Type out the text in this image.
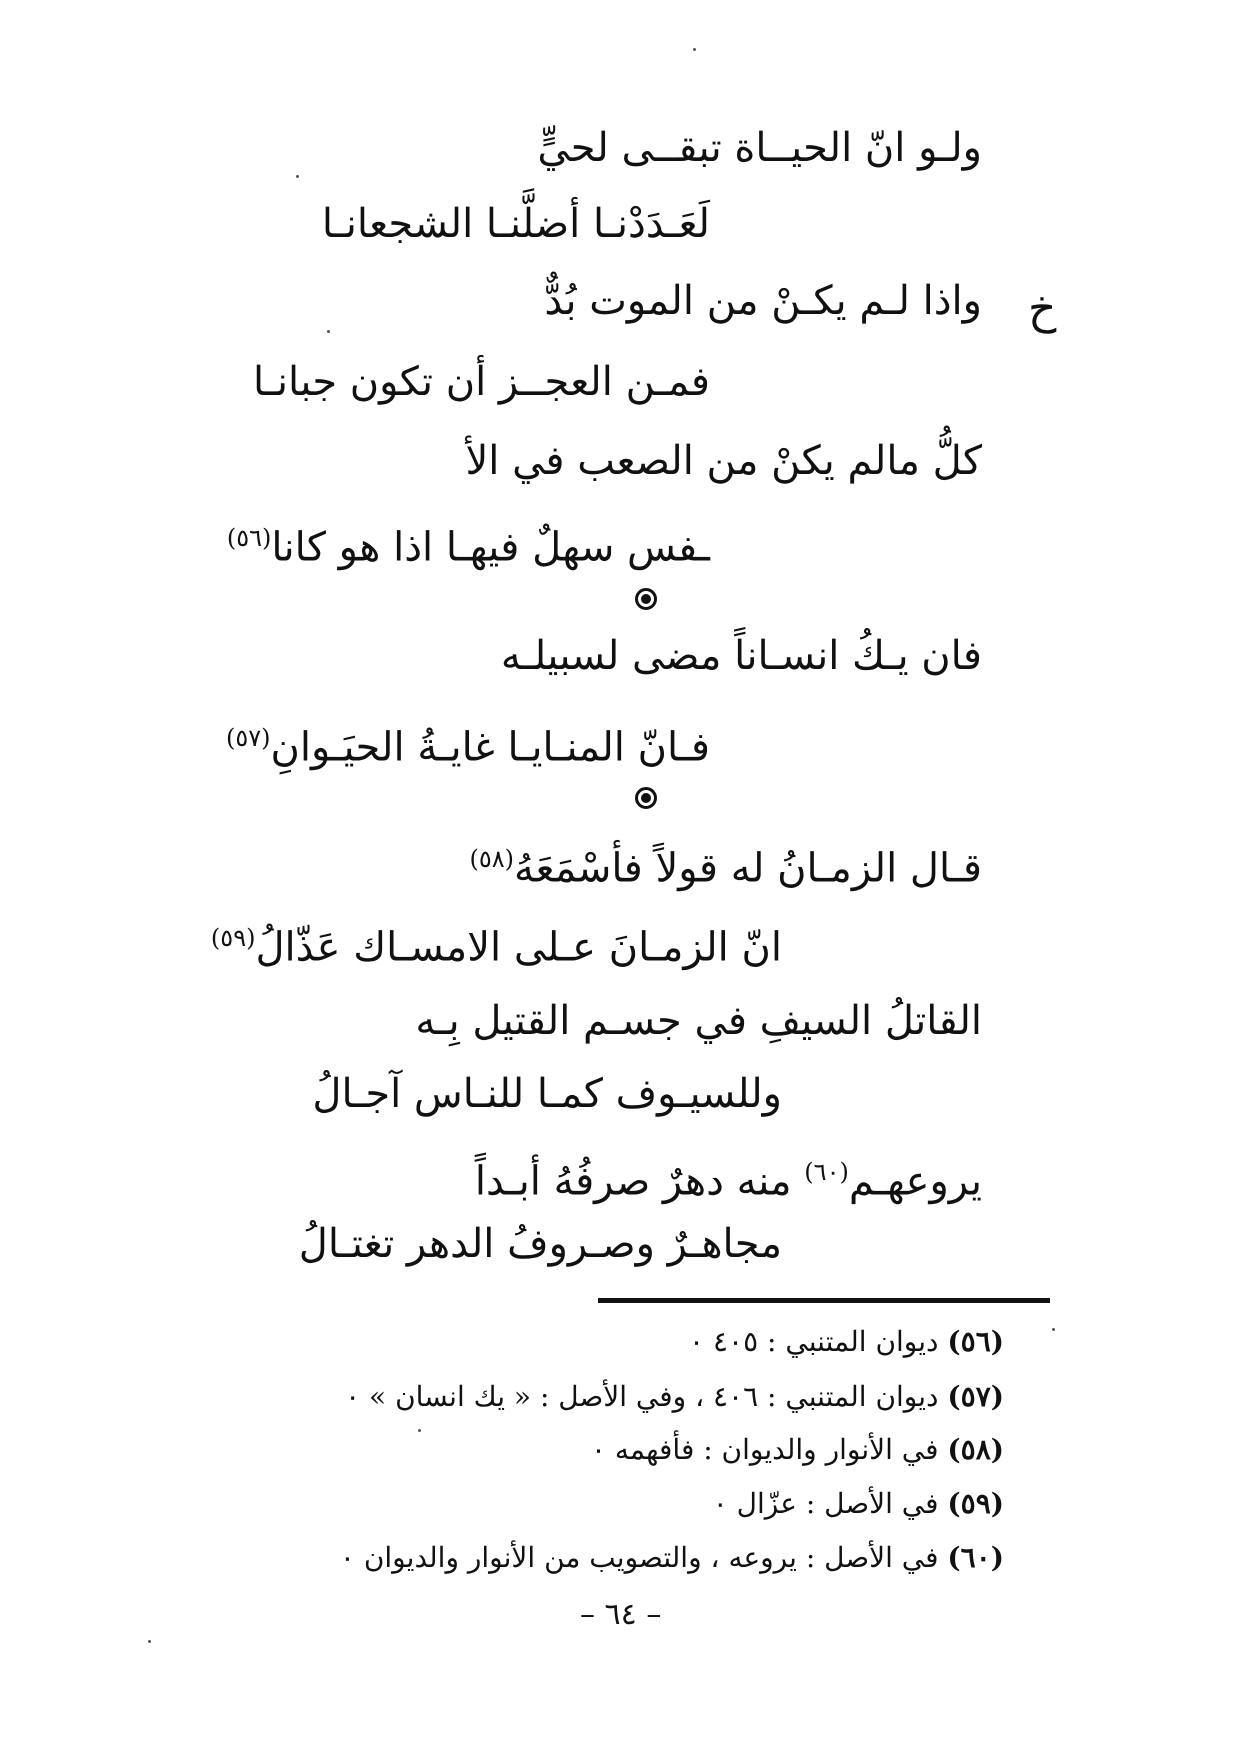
ولـو انّ الحيــاة تبقــى لحيٍّ
لَعَـدَدْنـا أضلَّنـا الشجعانـا
خ
واذا لـم يكـنْ من الموت بُدٌّ
فمـن العجــز أن تكون جبانـا
كلُّ مالم يكنْ من الصعب في الأ
ـفس سهلٌ فيهـا اذا هو كانا$^{(٥٦)}$
فان يـكُ انسـاناً مضى لسبيلـه
فـانّ المنـايـا غايـةُ الحيَـوانِ$^{(٥٧)}$
قـال الزمـانُ له قولاً فأسْمَعَهُ$^{(٥٨)}$
انّ الزمـانَ عـلى الامسـاك عَذّالُ$^{(٥٩)}$
القاتلُ السيفِ في جسـم القتيل بِـه
وللسيـوف كمـا للنـاس آجـالُ
يروعهـم$^{(٦٠)}$ منه دهرٌ صرفُهُ أبـداً
مجاهـرٌ وصـروفُ الدهر تغتـالُ
(٥٦) ديوان المتنبي : ٤٠٥ ٠
(٥٧) ديوان المتنبي : ٤٠٦ ، وفي الأصل : « يك انسان » ٠
(٥٨) في الأنوار والديوان : فأفهمه ٠
(٥٩) في الأصل : عزّال ٠
(٦٠) في الأصل : يروعه ، والتصويب من الأنوار والديوان ٠
– ٦٤ –
